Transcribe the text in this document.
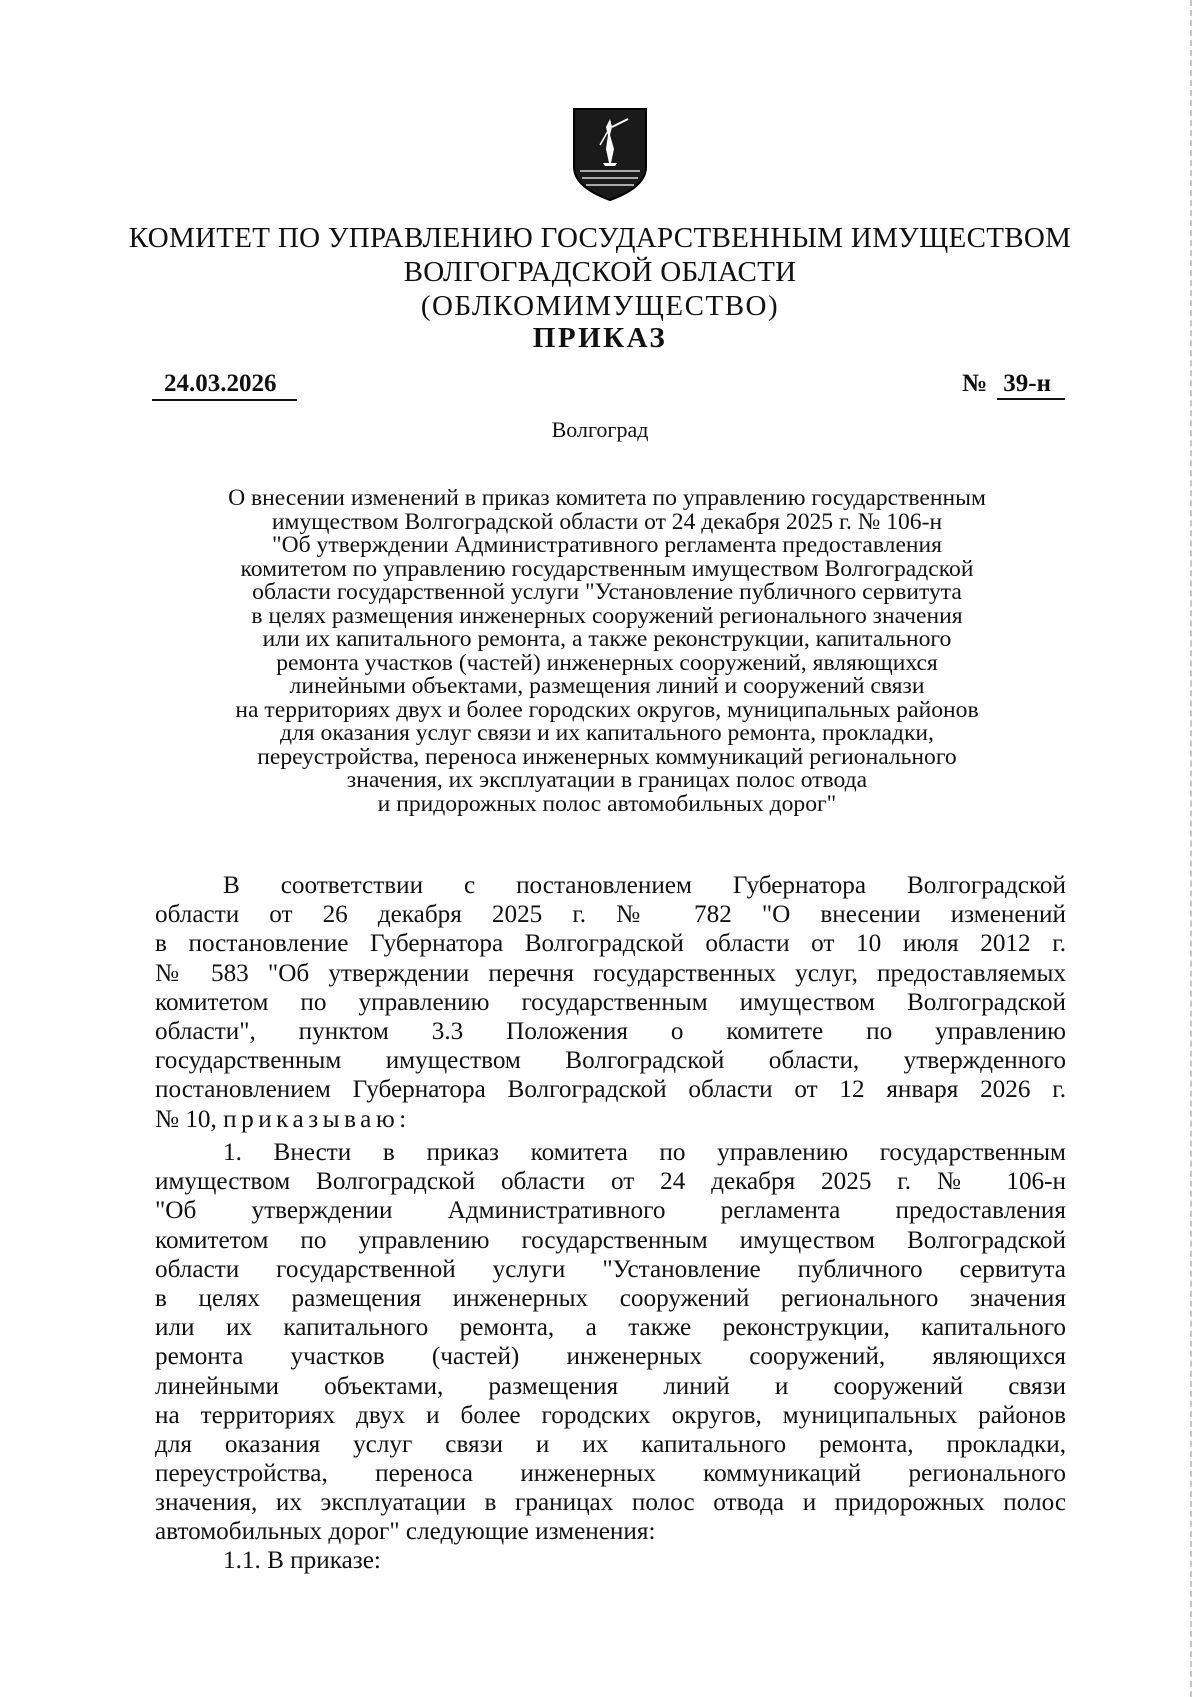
КОМИТЕТ ПО УПРАВЛЕНИЮ ГОСУДАРСТВЕННЫМ ИМУЩЕСТВОМ
ВОЛГОГРАДСКОЙ ОБЛАСТИ
(ОБЛКОМИМУЩЕСТВО)
ПРИКАЗ
24.03.2026	№ 39-н
Волгоград
О внесении изменений в приказ комитета по управлению государственным
имуществом Волгоградской области от 24 декабря 2025 г. № 106-н
"Об утверждении Административного регламента предоставления
комитетом по управлению государственным имуществом Волгоградской
области государственной услуги "Установление публичного сервитута
в целях размещения инженерных сооружений регионального значения
или их капитального ремонта, а также реконструкции, капитального
ремонта участков (частей) инженерных сооружений, являющихся
линейными объектами, размещения линий и сооружений связи
на территориях двух и более городских округов, муниципальных районов
для оказания услуг связи и их капитального ремонта, прокладки,
переустройства, переноса инженерных коммуникаций регионального
значения, их эксплуатации в границах полос отвода
и придорожных полос автомобильных дорог"
В соответствии с постановлением Губернатора Волгоградской
области от 26 декабря 2025 г. № 782 "О внесении изменений
в постановление Губернатора Волгоградской области от 10 июля 2012 г.
№ 583 "Об утверждении перечня государственных услуг, предоставляемых
комитетом по управлению государственным имуществом Волгоградской
области", пунктом 3.3 Положения о комитете по управлению
государственным имуществом Волгоградской области, утвержденного
постановлением Губернатора Волгоградской области от 12 января 2026 г.
№ 10, приказываю:
1. Внести в приказ комитета по управлению государственным
имуществом Волгоградской области от 24 декабря 2025 г. № 106-н
"Об утверждении Административного регламента предоставления
комитетом по управлению государственным имуществом Волгоградской
области государственной услуги "Установление публичного сервитута
в целях размещения инженерных сооружений регионального значения
или их капитального ремонта, а также реконструкции, капитального
ремонта участков (частей) инженерных сооружений, являющихся
линейными объектами, размещения линий и сооружений связи
на территориях двух и более городских округов, муниципальных районов
для оказания услуг связи и их капитального ремонта, прокладки,
переустройства, переноса инженерных коммуникаций регионального
значения, их эксплуатации в границах полос отвода и придорожных полос
автомобильных дорог" следующие изменения:
1.1. В приказе:
